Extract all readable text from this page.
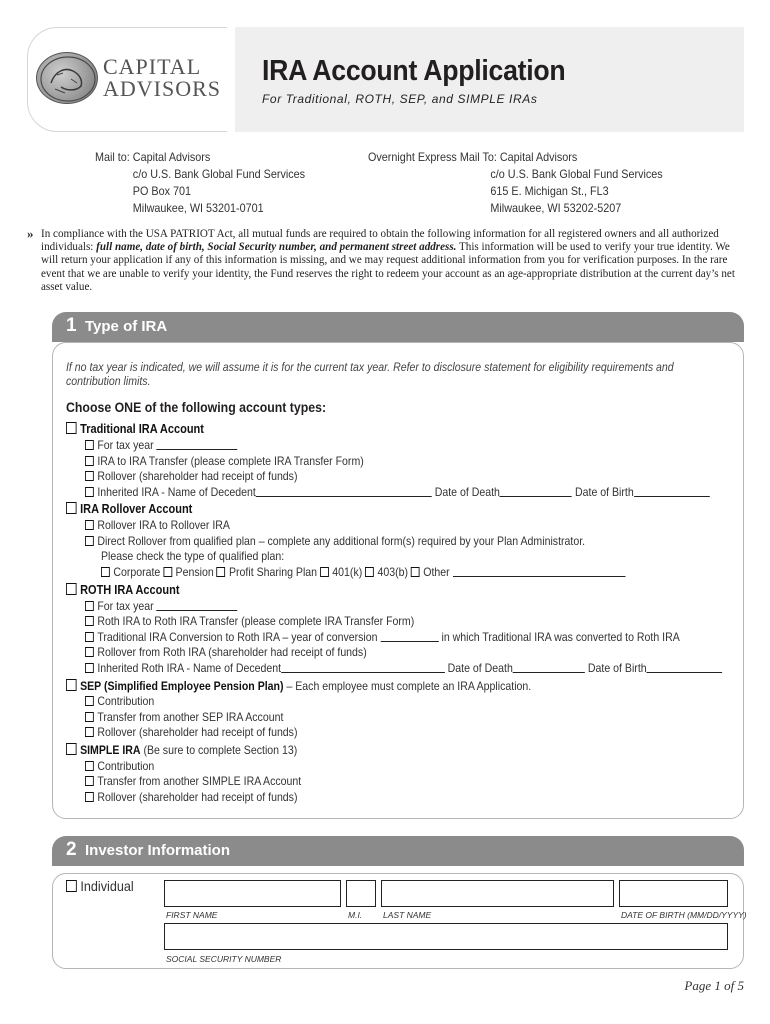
CAPITAL
ADVISORS
IRA Account Application
For Traditional, ROTH, SEP, and SIMPLE IRAs
Mail to: Capital Advisors
c/o U.S. Bank Global Fund Services
PO Box 701
Milwaukee, WI 53201-0701
Overnight Express Mail To: Capital Advisors
c/o U.S. Bank Global Fund Services
615 E. Michigan St., FL3
Milwaukee, WI 53202-5207
» In compliance with the USA PATRIOT Act, all mutual funds are required to obtain the following information for all registered owners and all authorized individuals: full name, date of birth, Social Security number, and permanent street address. This information will be used to verify your true identity. We will return your application if any of this information is missing, and we may request additional information from you for verification purposes. In the rare event that we are unable to verify your identity, the Fund reserves the right to redeem your account as an age-appropriate distribution at the current day’s net asset value.
1 Type of IRA
If no tax year is indicated, we will assume it is for the current tax year. Refer to disclosure statement for eligibility requirements and
contribution limits.
Choose ONE of the following account types:
Traditional IRA Account
For tax year
IRA to IRA Transfer (please complete IRA Transfer Form)
Rollover (shareholder had receipt of funds)
Inherited IRA - Name of Decedent	Date of Death	Date of Birth
IRA Rollover Account
Rollover IRA to Rollover IRA
Direct Rollover from qualified plan – complete any additional form(s) required by your Plan Administrator.
Please check the type of qualified plan:
Corporate Pension Profit Sharing Plan 401(k) 403(b) Other
ROTH IRA Account
For tax year
Roth IRA to Roth IRA Transfer (please complete IRA Transfer Form)
Traditional IRA Conversion to Roth IRA – year of conversion	in which Traditional IRA was converted to Roth IRA
Rollover from Roth IRA (shareholder had receipt of funds)
Inherited Roth IRA - Name of Decedent	Date of Death	Date of Birth
SEP (Simplified Employee Pension Plan) – Each employee must complete an IRA Application.
Contribution
Transfer from another SEP IRA Account
Rollover (shareholder had receipt of funds)
SIMPLE IRA (Be sure to complete Section 13)
Contribution
Transfer from another SIMPLE IRA Account
Rollover (shareholder had receipt of funds)
2 Investor Information
Individual
FIRST NAME	M.I. LAST NAME	DATE OF BIRTH (MM/DD/YYYY)
SOCIAL SECURITY NUMBER
Page 1 of 5
